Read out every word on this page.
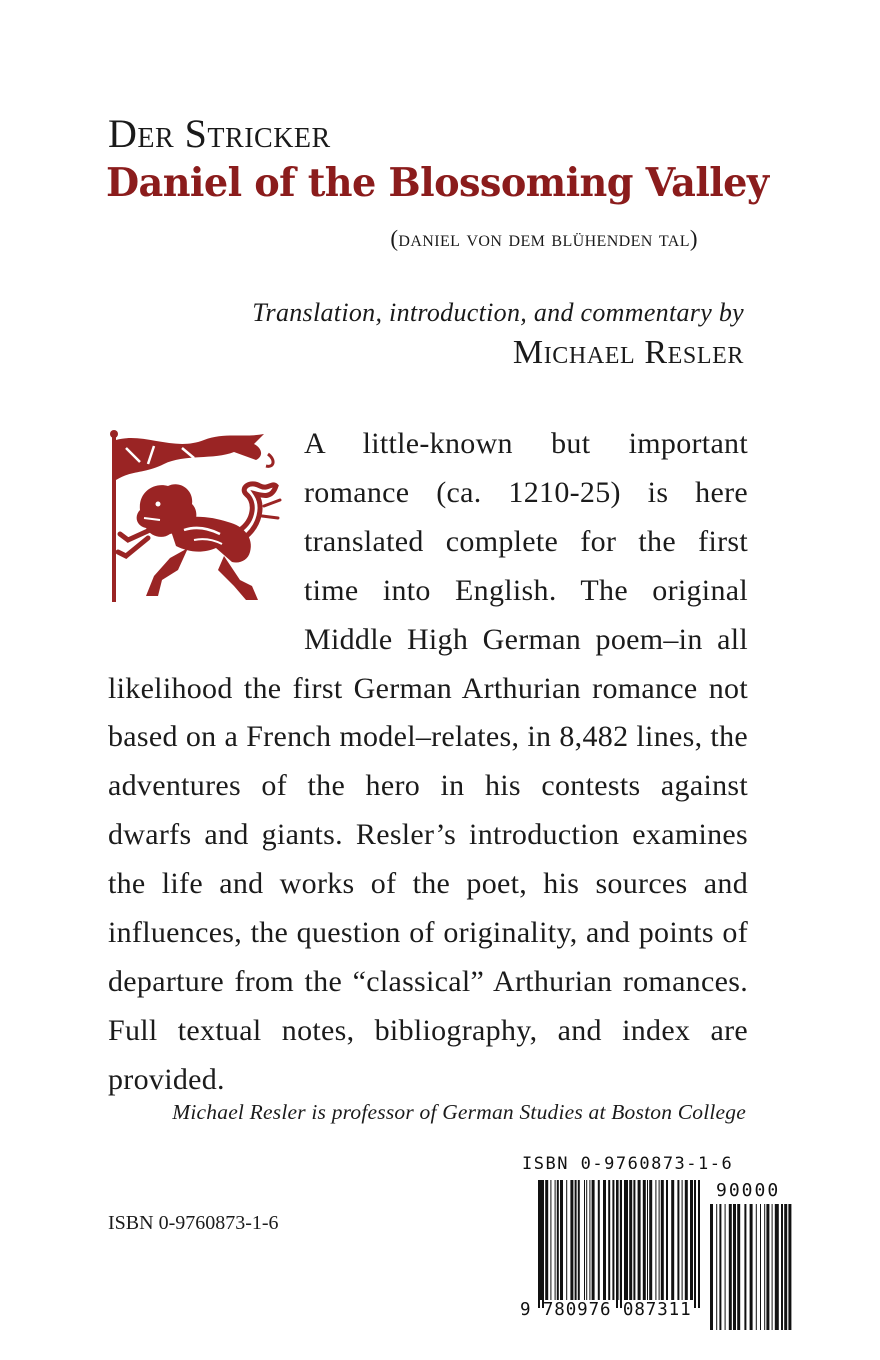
Der Stricker
Daniel of the Blossoming Valley
(daniel von dem blühenden tal)
Translation, introduction, and commentary by
Michael Resler

A little-known but important romance (ca. 1210-25) is here translated complete for the first time into English. The original Middle High German poem–in all likelihood the first German Arthurian romance not based on a French model–relates, in 8,482 lines, the adventures of the hero in his contests against dwarfs and giants. Resler’s introduction examines the life and works of the poet, his sources and influences, the question of originality, and points of departure from the “classical” Arthurian romances. Full textual notes, bibliography, and index are provided.

Michael Resler is professor of German Studies at Boston College
ISBN 0-9760873-1-6
ISBN 0-9760873-1-6
90000
9 780976 087311
